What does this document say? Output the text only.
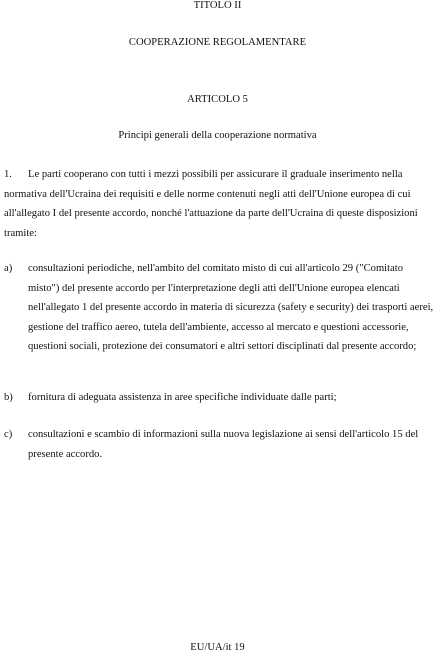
TITOLO II
COOPERAZIONE REGOLAMENTARE
ARTICOLO 5
Principi generali della cooperazione normativa
1. Le parti cooperano con tutti i mezzi possibili per assicurare il graduale inserimento nella normativa dell'Ucraina dei requisiti e delle norme contenuti negli atti dell'Unione europea di cui all'allegato I del presente accordo, nonché l'attuazione da parte dell'Ucraina di queste disposizioni tramite:
a)	consultazioni periodiche, nell'ambito del comitato misto di cui all'articolo 29 ("Comitato misto") del presente accordo per l'interpretazione degli atti dell'Unione europea elencati nell'allegato 1 del presente accordo in materia di sicurezza (safety e security) dei trasporti aerei, gestione del traffico aereo, tutela dell'ambiente, accesso al mercato e questioni accessorie, questioni sociali, protezione dei consumatori e altri settori disciplinati dal presente accordo;
b)	fornitura di adeguata assistenza in aree specifiche individuate dalle parti;
c)	consultazioni e scambio di informazioni sulla nuova legislazione ai sensi dell'articolo 15 del presente accordo.
EU/UA/it 19
